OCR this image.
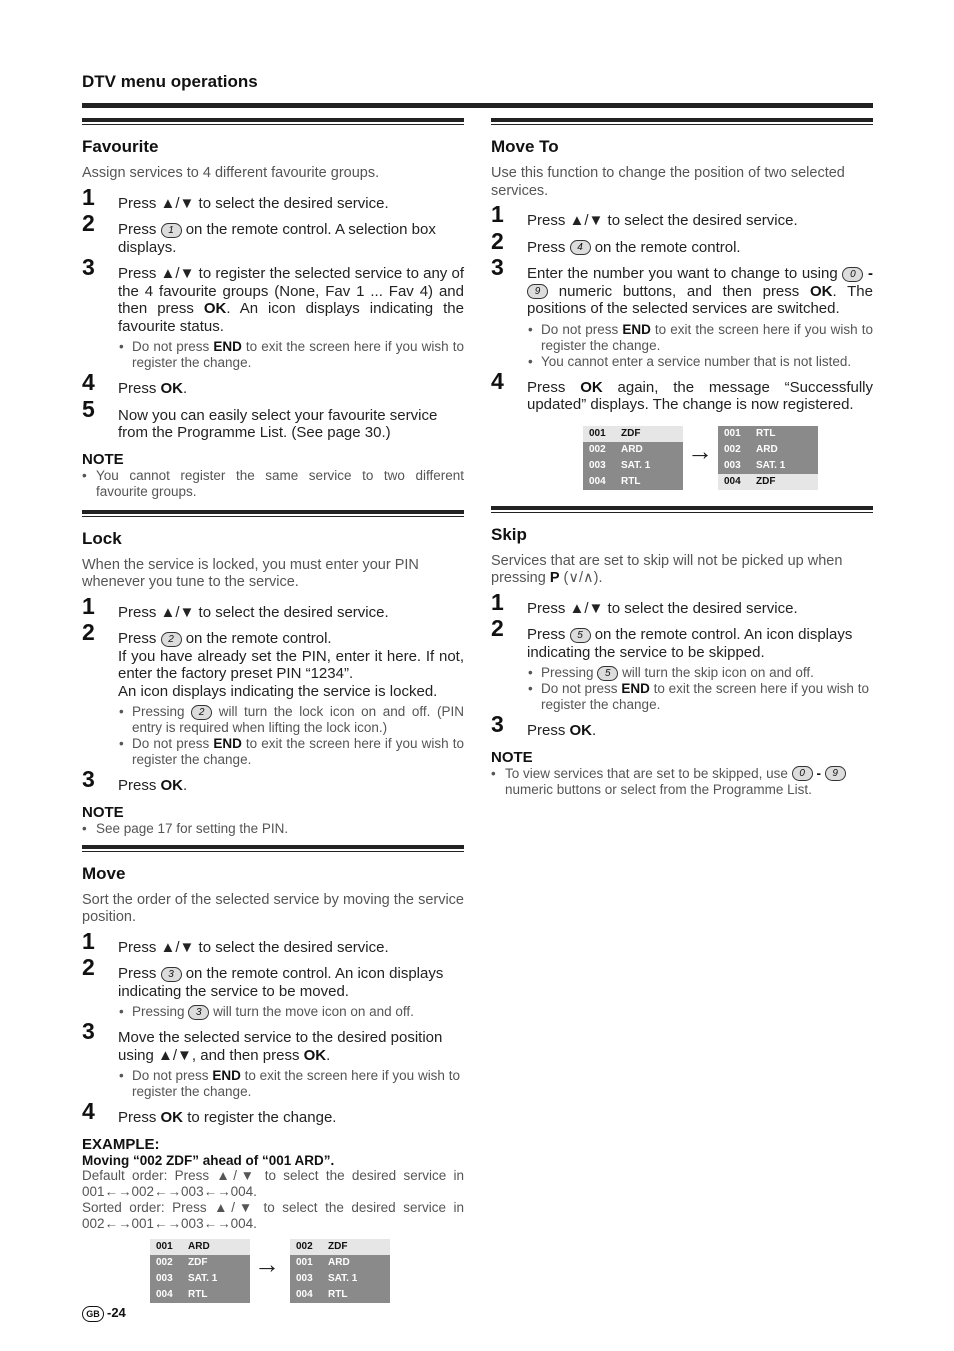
DTV menu operations
Favourite
Assign services to 4 different favourite groups.
1 Press ▲/▼ to select the desired service.
2 Press 1 on the remote control. A selection box displays.
3 Press ▲/▼ to register the selected service to any of the 4 favourite groups (None, Fav 1 ... Fav 4) and then press OK. An icon displays indicating the favourite status.
• Do not press END to exit the screen here if you wish to register the change.
4 Press OK.
5 Now you can easily select your favourite service from the Programme List. (See page 30.)
NOTE
• You cannot register the same service to two different favourite groups.
Lock
When the service is locked, you must enter your PIN whenever you tune to the service.
1 Press ▲/▼ to select the desired service.
2 Press 2 on the remote control.
If you have already set the PIN, enter it here. If not, enter the factory preset PIN “1234”.
An icon displays indicating the service is locked.
• Pressing 2 will turn the lock icon on and off. (PIN entry is required when lifting the lock icon.)
• Do not press END to exit the screen here if you wish to register the change.
3 Press OK.
NOTE
• See page 17 for setting the PIN.
Move
Sort the order of the selected service by moving the service position.
1 Press ▲/▼ to select the desired service.
2 Press 3 on the remote control. An icon displays indicating the service to be moved.
• Pressing 3 will turn the move icon on and off.
3 Move the selected service to the desired position using ▲/▼, and then press OK.
• Do not press END to exit the screen here if you wish to register the change.
4 Press OK to register the change.
EXAMPLE:
Moving “002 ZDF” ahead of “001 ARD”.
Default order: Press ▲/▼ to select the desired service in 001←→002←→003←→004.
Sorted order: Press ▲/▼ to select the desired service in 002←→001←→003←→004.
001	ARD
002	ZDF
003	SAT. 1
004	RTL
→
002	ZDF
001	ARD
003	SAT. 1
004	RTL
Move To
Use this function to change the position of two selected services.
1 Press ▲/▼ to select the desired service.
2 Press 4 on the remote control.
3 Enter the number you want to change to using 0 - 9 numeric buttons, and then press OK. The positions of the selected services are switched.
• Do not press END to exit the screen here if you wish to register the change.
• You cannot enter a service number that is not listed.
4 Press OK again, the message “Successfully updated” displays. The change is now registered.
001	ZDF
002	ARD
003	SAT. 1
004	RTL
→
001	RTL
002	ARD
003	SAT. 1
004	ZDF
Skip
Services that are set to skip will not be picked up when pressing P (∨/∧).
1 Press ▲/▼ to select the desired service.
2 Press 5 on the remote control. An icon displays indicating the service to be skipped.
• Pressing 5 will turn the skip icon on and off.
• Do not press END to exit the screen here if you wish to register the change.
3 Press OK.
NOTE
• To view services that are set to be skipped, use 0 - 9 numeric buttons or select from the Programme List.
GB -24
